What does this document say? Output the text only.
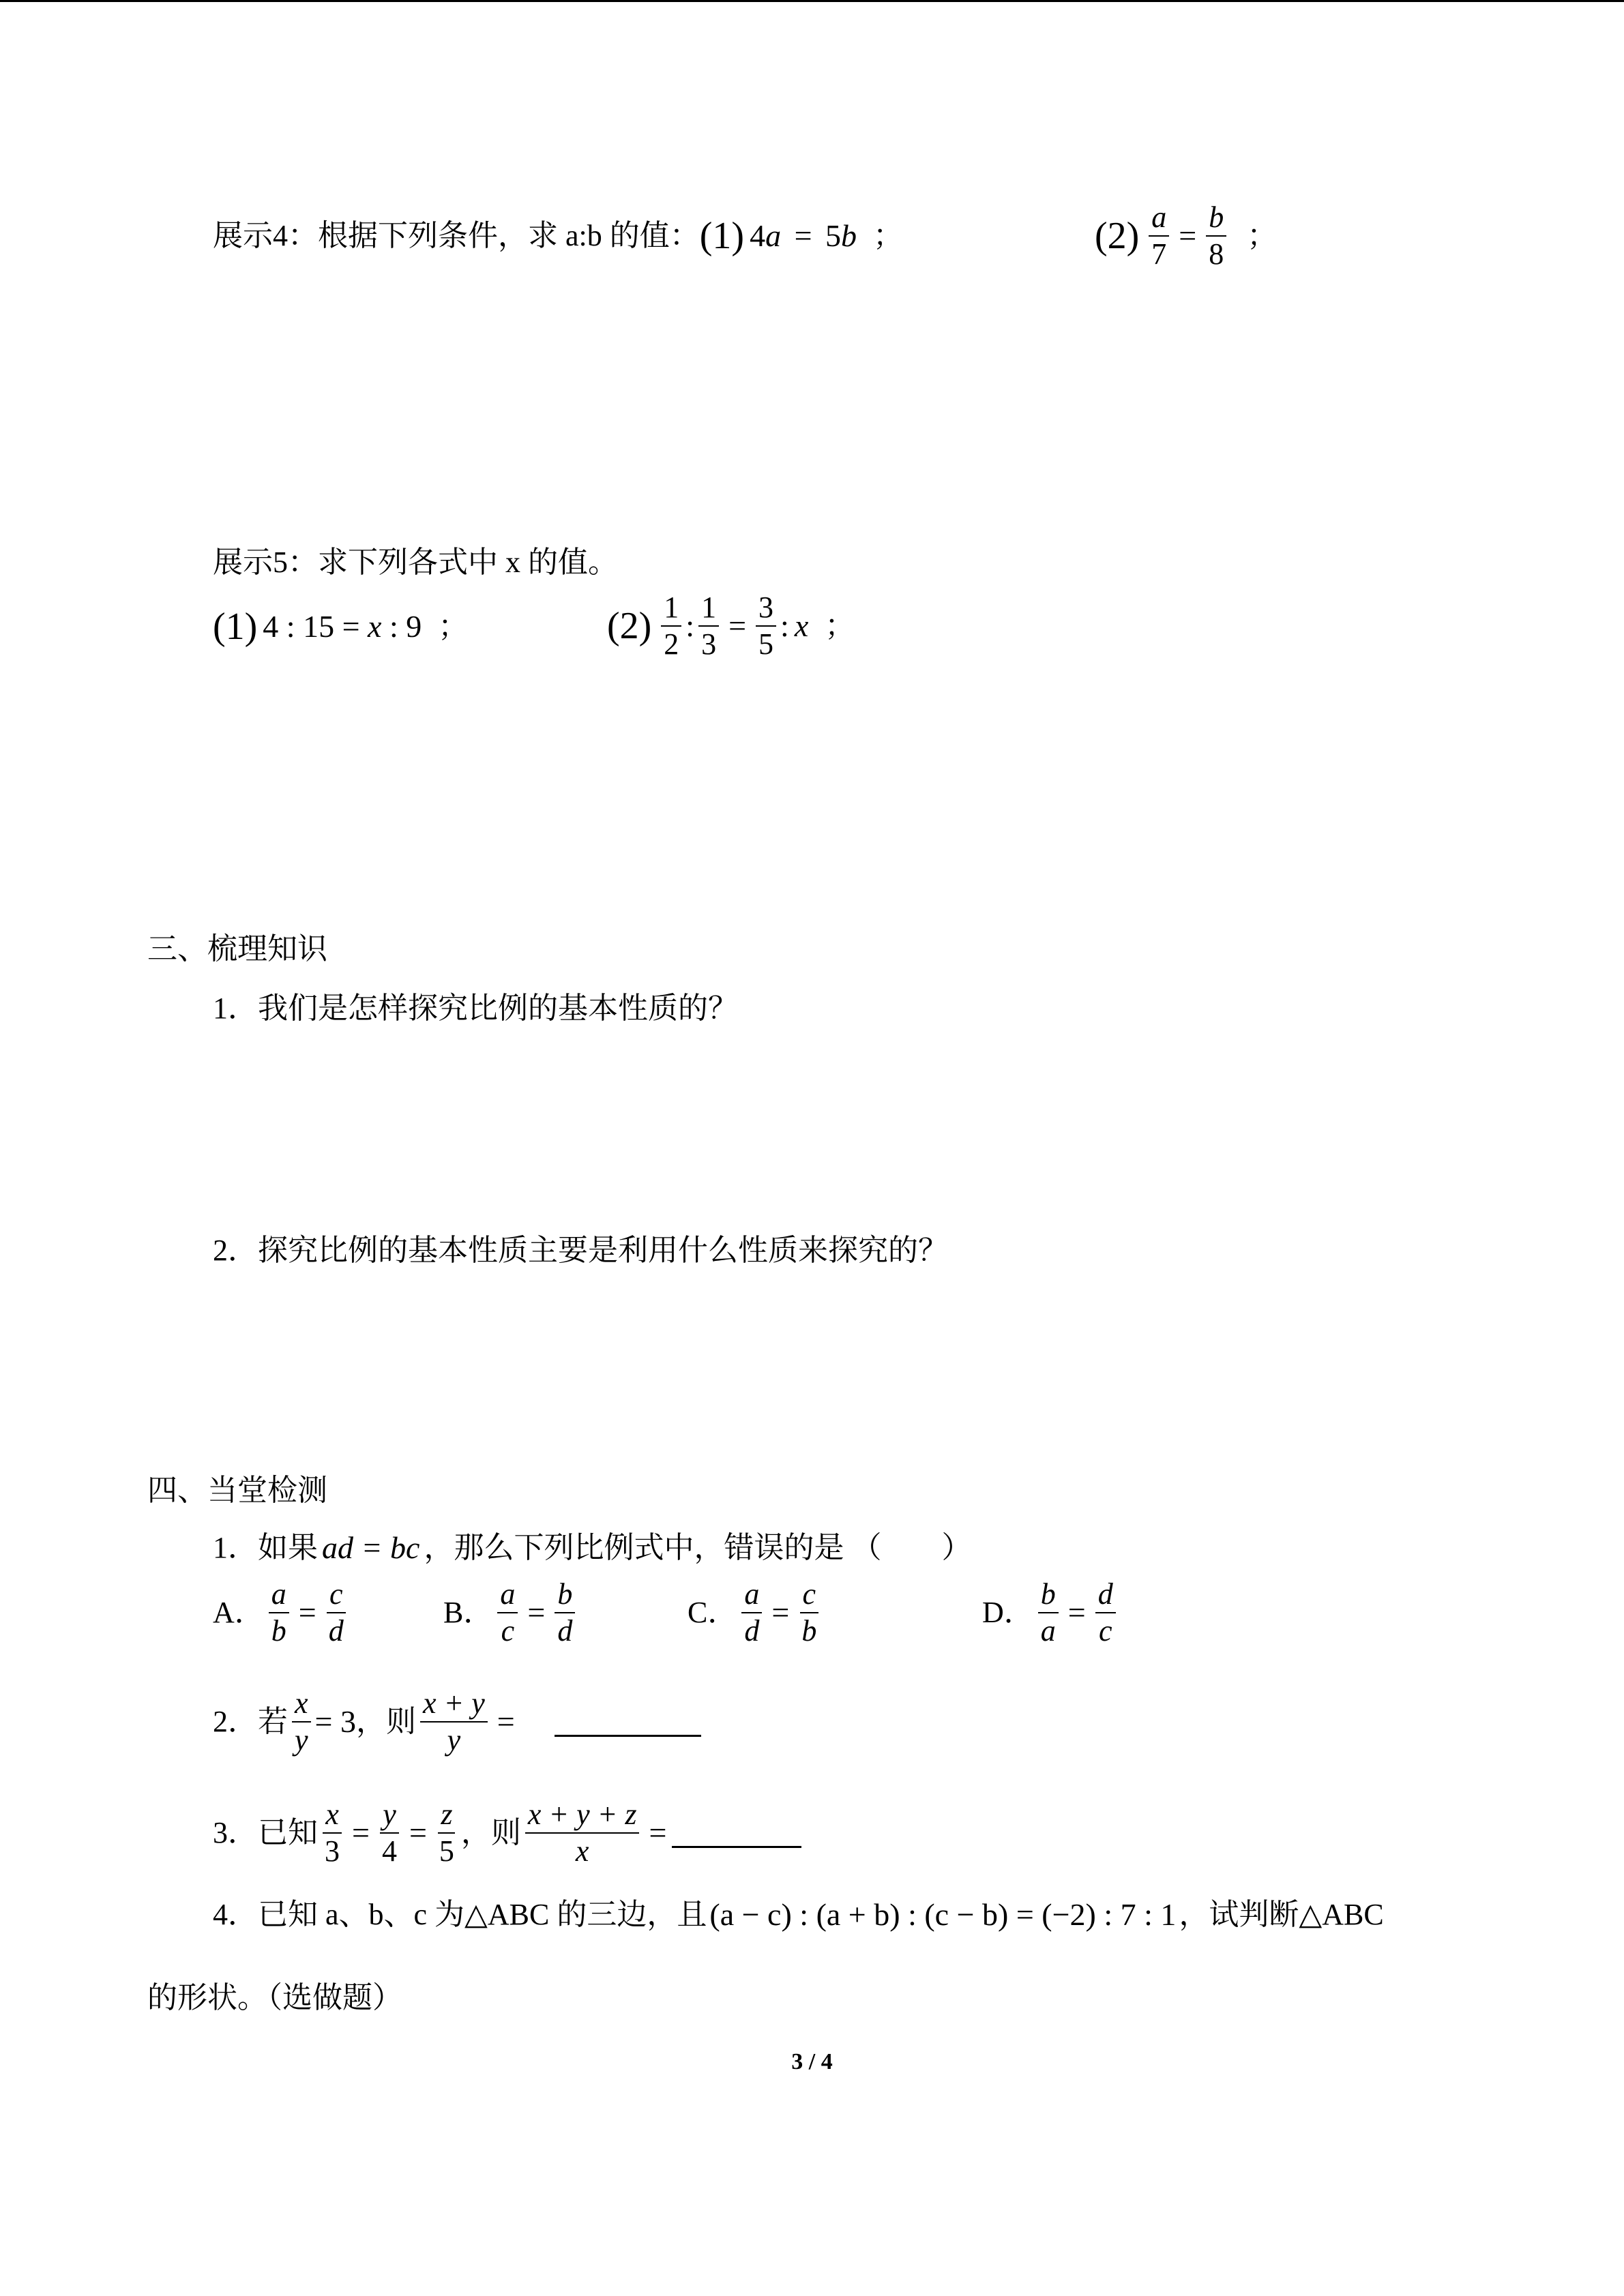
展示4：根据下列条件，求 a:b 的值： (1) 4a = 5b ；	$(2) \frac{a}{7} = \frac{b}{8}$ ；
展示5：求下列各式中 x 的值。
(1) 4 : 15 = x : 9 ；	$(2) \frac{1}{2}$ : $\frac{1}{3} = \frac{3}{5}$ : x ；
三、梳理知识
1．我们是怎样探究比例的基本性质的？
2．探究比例的基本性质主要是利用什么性质来探究的？
四、当堂检测
1．如果 ad = bc ，那么下列比例式中，错误的是 （　　）
A． $\frac{a}{b} = \frac{c}{d}$	B． $\frac{a}{c} = \frac{b}{d}$	C． $\frac{a}{d} = \frac{c}{b}$	D． $\frac{b}{a} = \frac{d}{c}$
2．若 $\frac{x}{y} = 3$ ，则 $\frac{x + y}{y}$ =
3．已知 $\frac{x}{3} = \frac{y}{4} = \frac{z}{5}$ ，则 $\frac{x + y + z}{x}$ =
4．已知 a、b、c 为△ABC 的三边，且 (a − c) : (a + b) : (c − b) = (−2) : 7 : 1 ，试判断△ABC
的形状。（选做题）
3 / 4
